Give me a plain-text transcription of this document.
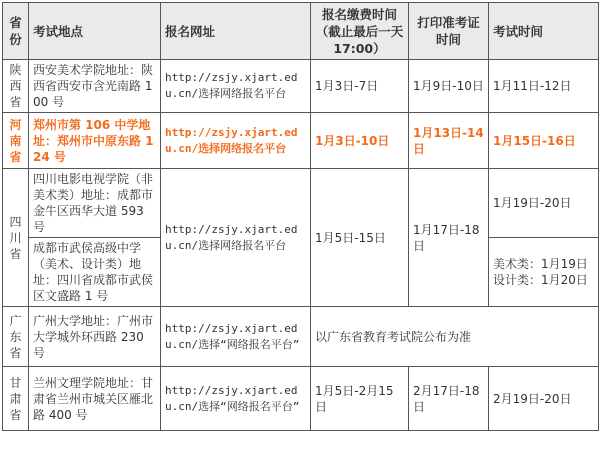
省份	考试地点	报名网址	报名缴费时间（截止最后一天 17:00）	打印准考证时间	考试时间
陕西省	西安美术学院地址：陕西省西安市含光南路 100 号	http://zsjy.xjart.edu.cn/选择网络报名平台	1月3日-7日	1月9日-10日	1月11日-12日
河南省	郑州市第 106 中学地址：郑州市中原东路 124 号	http://zsjy.xjart.edu.cn/选择网络报名平台	1月3日-10日	1月13日-14日	1月15日-16日
四川省	四川电影电视学院（非美术类）地址：成都市金牛区西华大道 593 号	http://zsjy.xjart.edu.cn/选择网络报名平台	1月5日-15日	1月17日-18日	1月19日-20日
	成都市武侯高级中学（美术、设计类）地址：四川省成都市武侯区文盛路 1 号				美术类：1月19日设计类：1月20日
广东省	广州大学地址：广州市大学城外环西路 230 号	http://zsjy.xjart.edu.cn/选择“网络报名平台”	以广东省教育考试院公布为准		
甘肃省	兰州文理学院地址：甘肃省兰州市城关区雁北路 400 号	http://zsjy.xjart.edu.cn/选择“网络报名平台”	1月5日-2月15日	2月17日-18日	2月19日-20日
